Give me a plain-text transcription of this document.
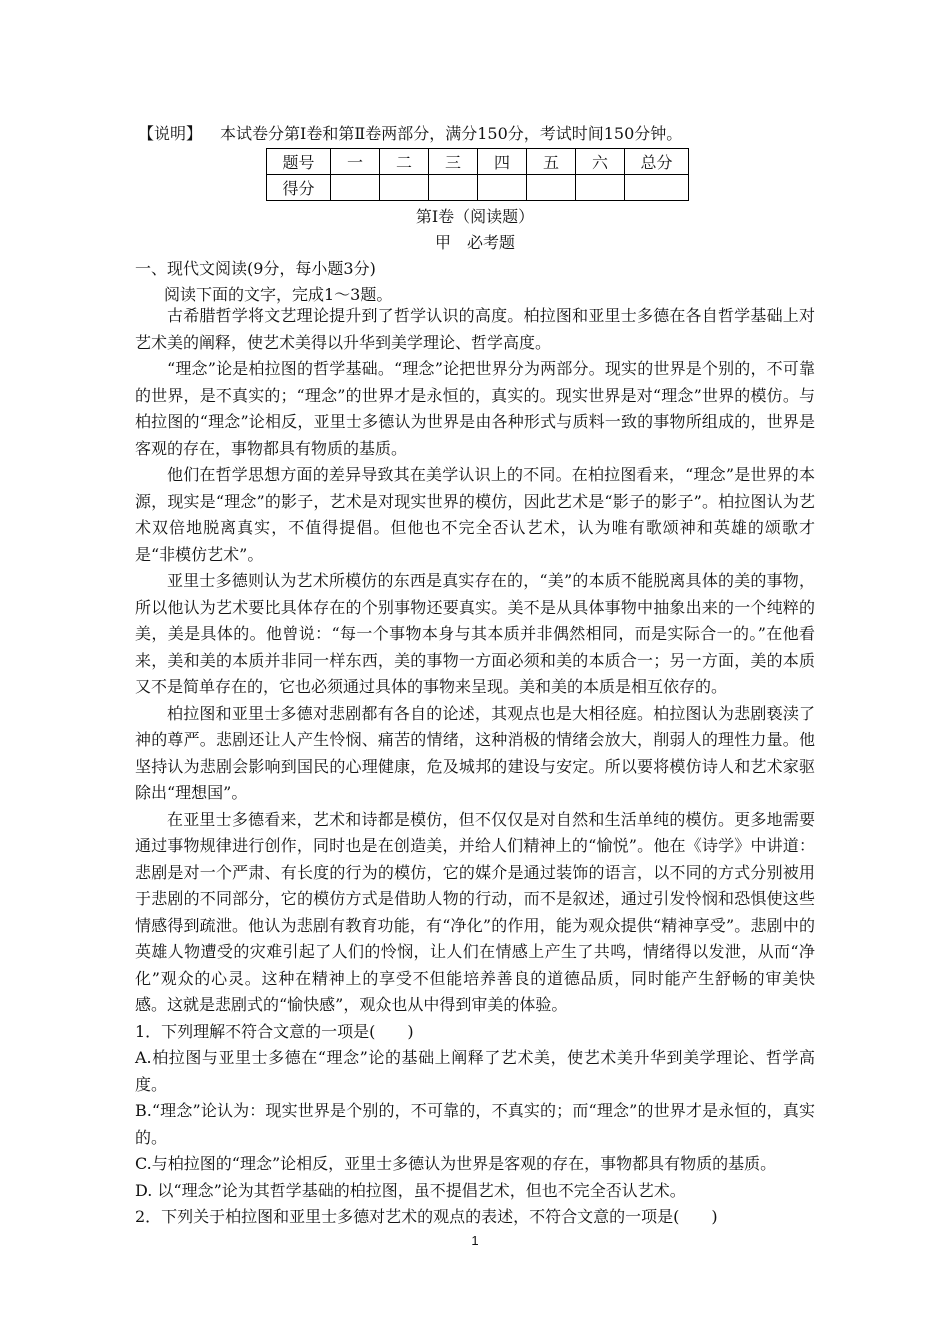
【说明】 本试卷分第Ⅰ卷和第Ⅱ卷两部分，满分150分，考试时间150分钟。
题号	一	二	三	四	五	六	总分
得分							
第Ⅰ卷（阅读题）
甲　必考题
一、现代文阅读(9分，每小题3分)
阅读下面的文字，完成1～3题。

古希腊哲学将文艺理论提升到了哲学认识的高度。柏拉图和亚里士多德在各自哲学基础上对艺术美的阐释，使艺术美得以升华到美学理论、哲学高度。

“理念”论是柏拉图的哲学基础。“理念”论把世界分为两部分。现实的世界是个别的，不可靠的世界，是不真实的；“理念”的世界才是永恒的，真实的。现实世界是对“理念”世界的模仿。与柏拉图的“理念”论相反，亚里士多德认为世界是由各种形式与质料一致的事物所组成的，世界是客观的存在，事物都具有物质的基质。

他们在哲学思想方面的差异导致其在美学认识上的不同。在柏拉图看来，“理念”是世界的本源，现实是“理念”的影子，艺术是对现实世界的模仿，因此艺术是“影子的影子”。柏拉图认为艺术双倍地脱离真实，不值得提倡。但他也不完全否认艺术，认为唯有歌颂神和英雄的颂歌才是“非模仿艺术”。

亚里士多德则认为艺术所模仿的东西是真实存在的，“美”的本质不能脱离具体的美的事物，所以他认为艺术要比具体存在的个别事物还要真实。美不是从具体事物中抽象出来的一个纯粹的美，美是具体的。他曾说：“每一个事物本身与其本质并非偶然相同，而是实际合一的。”在他看来，美和美的本质并非同一样东西，美的事物一方面必须和美的本质合一；另一方面，美的本质又不是简单存在的，它也必须通过具体的事物来呈现。美和美的本质是相互依存的。

柏拉图和亚里士多德对悲剧都有各自的论述，其观点也是大相径庭。柏拉图认为悲剧亵渎了神的尊严。悲剧还让人产生怜悯、痛苦的情绪，这种消极的情绪会放大，削弱人的理性力量。他坚持认为悲剧会影响到国民的心理健康，危及城邦的建设与安定。所以要将模仿诗人和艺术家驱除出“理想国”。

在亚里士多德看来，艺术和诗都是模仿，但不仅仅是对自然和生活单纯的模仿。更多地需要通过事物规律进行创作，同时也是在创造美，并给人们精神上的“愉悦”。他在《诗学》中讲道：悲剧是对一个严肃、有长度的行为的模仿，它的媒介是通过装饰的语言，以不同的方式分别被用于悲剧的不同部分，它的模仿方式是借助人物的行动，而不是叙述，通过引发怜悯和恐惧使这些情感得到疏泄。他认为悲剧有教育功能，有“净化”的作用，能为观众提供“精神享受”。悲剧中的英雄人物遭受的灾难引起了人们的怜悯，让人们在情感上产生了共鸣，情绪得以发泄，从而“净化”观众的心灵。这种在精神上的享受不但能培养善良的道德品质，同时能产生舒畅的审美快感。这就是悲剧式的“愉快感”，观众也从中得到审美的体验。

1．下列理解不符合文意的一项是(　　)

A.柏拉图与亚里士多德在“理念”论的基础上阐释了艺术美，使艺术美升华到美学理论、哲学高度。

B.“理念”论认为：现实世界是个别的，不可靠的，不真实的；而“理念”的世界才是永恒的，真实的。

C.与柏拉图的“理念”论相反，亚里士多德认为世界是客观的存在，事物都具有物质的基质。

D. 以“理念”论为其哲学基础的柏拉图，虽不提倡艺术，但也不完全否认艺术。

2．下列关于柏拉图和亚里士多德对艺术的观点的表述，不符合文意的一项是(　　)

1
